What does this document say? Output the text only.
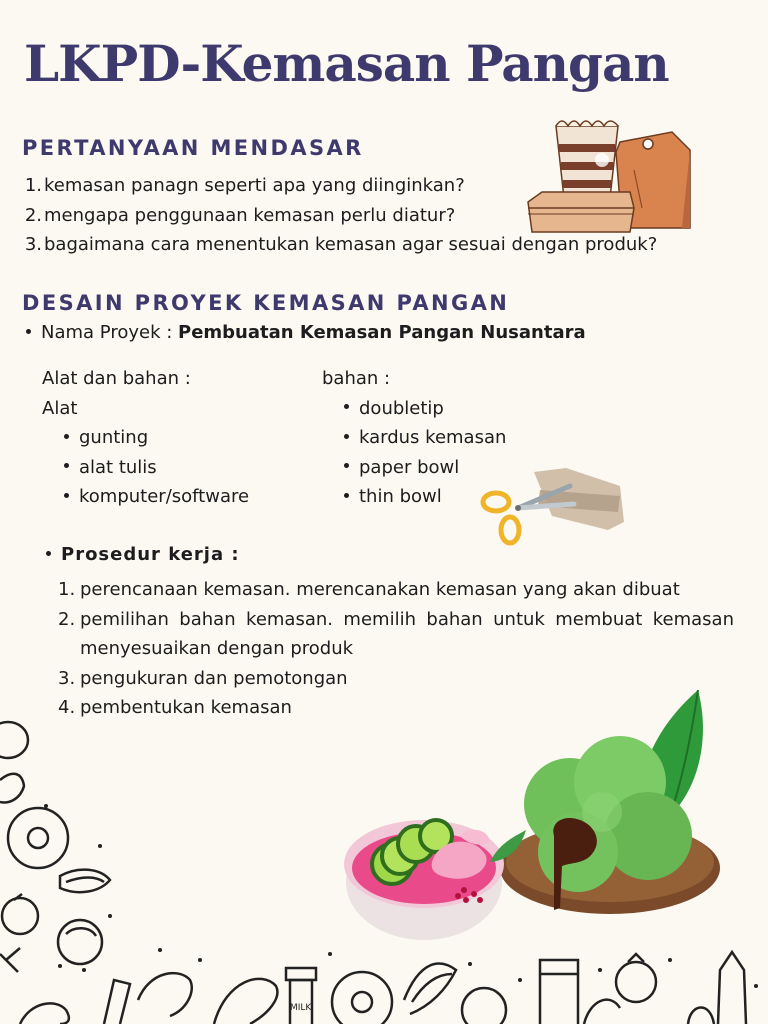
LKPD-Kemasan Pangan
PERTANYAAN MENDASAR
1. kemasan panagn seperti apa yang diinginkan?
2. mengapa penggunaan kemasan perlu diatur?
3. bagaimana cara menentukan kemasan agar sesuai dengan produk?
DESAIN PROYEK KEMASAN PANGAN
Nama Proyek : Pembuatan Kemasan Pangan Nusantara
Alat dan bahan :
Alat
gunting
alat tulis
komputer/software
bahan :
doubletip
kardus kemasan
paper bowl
thin bowl
Prosedur kerja :
1. perencanaan kemasan. merencanakan kemasan yang akan dibuat
2. pemilihan bahan kemasan. memilih bahan untuk membuat kemasan menyesuaikan dengan produk
3. pengukuran dan pemotongan
4. pembentukan kemasan
MILK
